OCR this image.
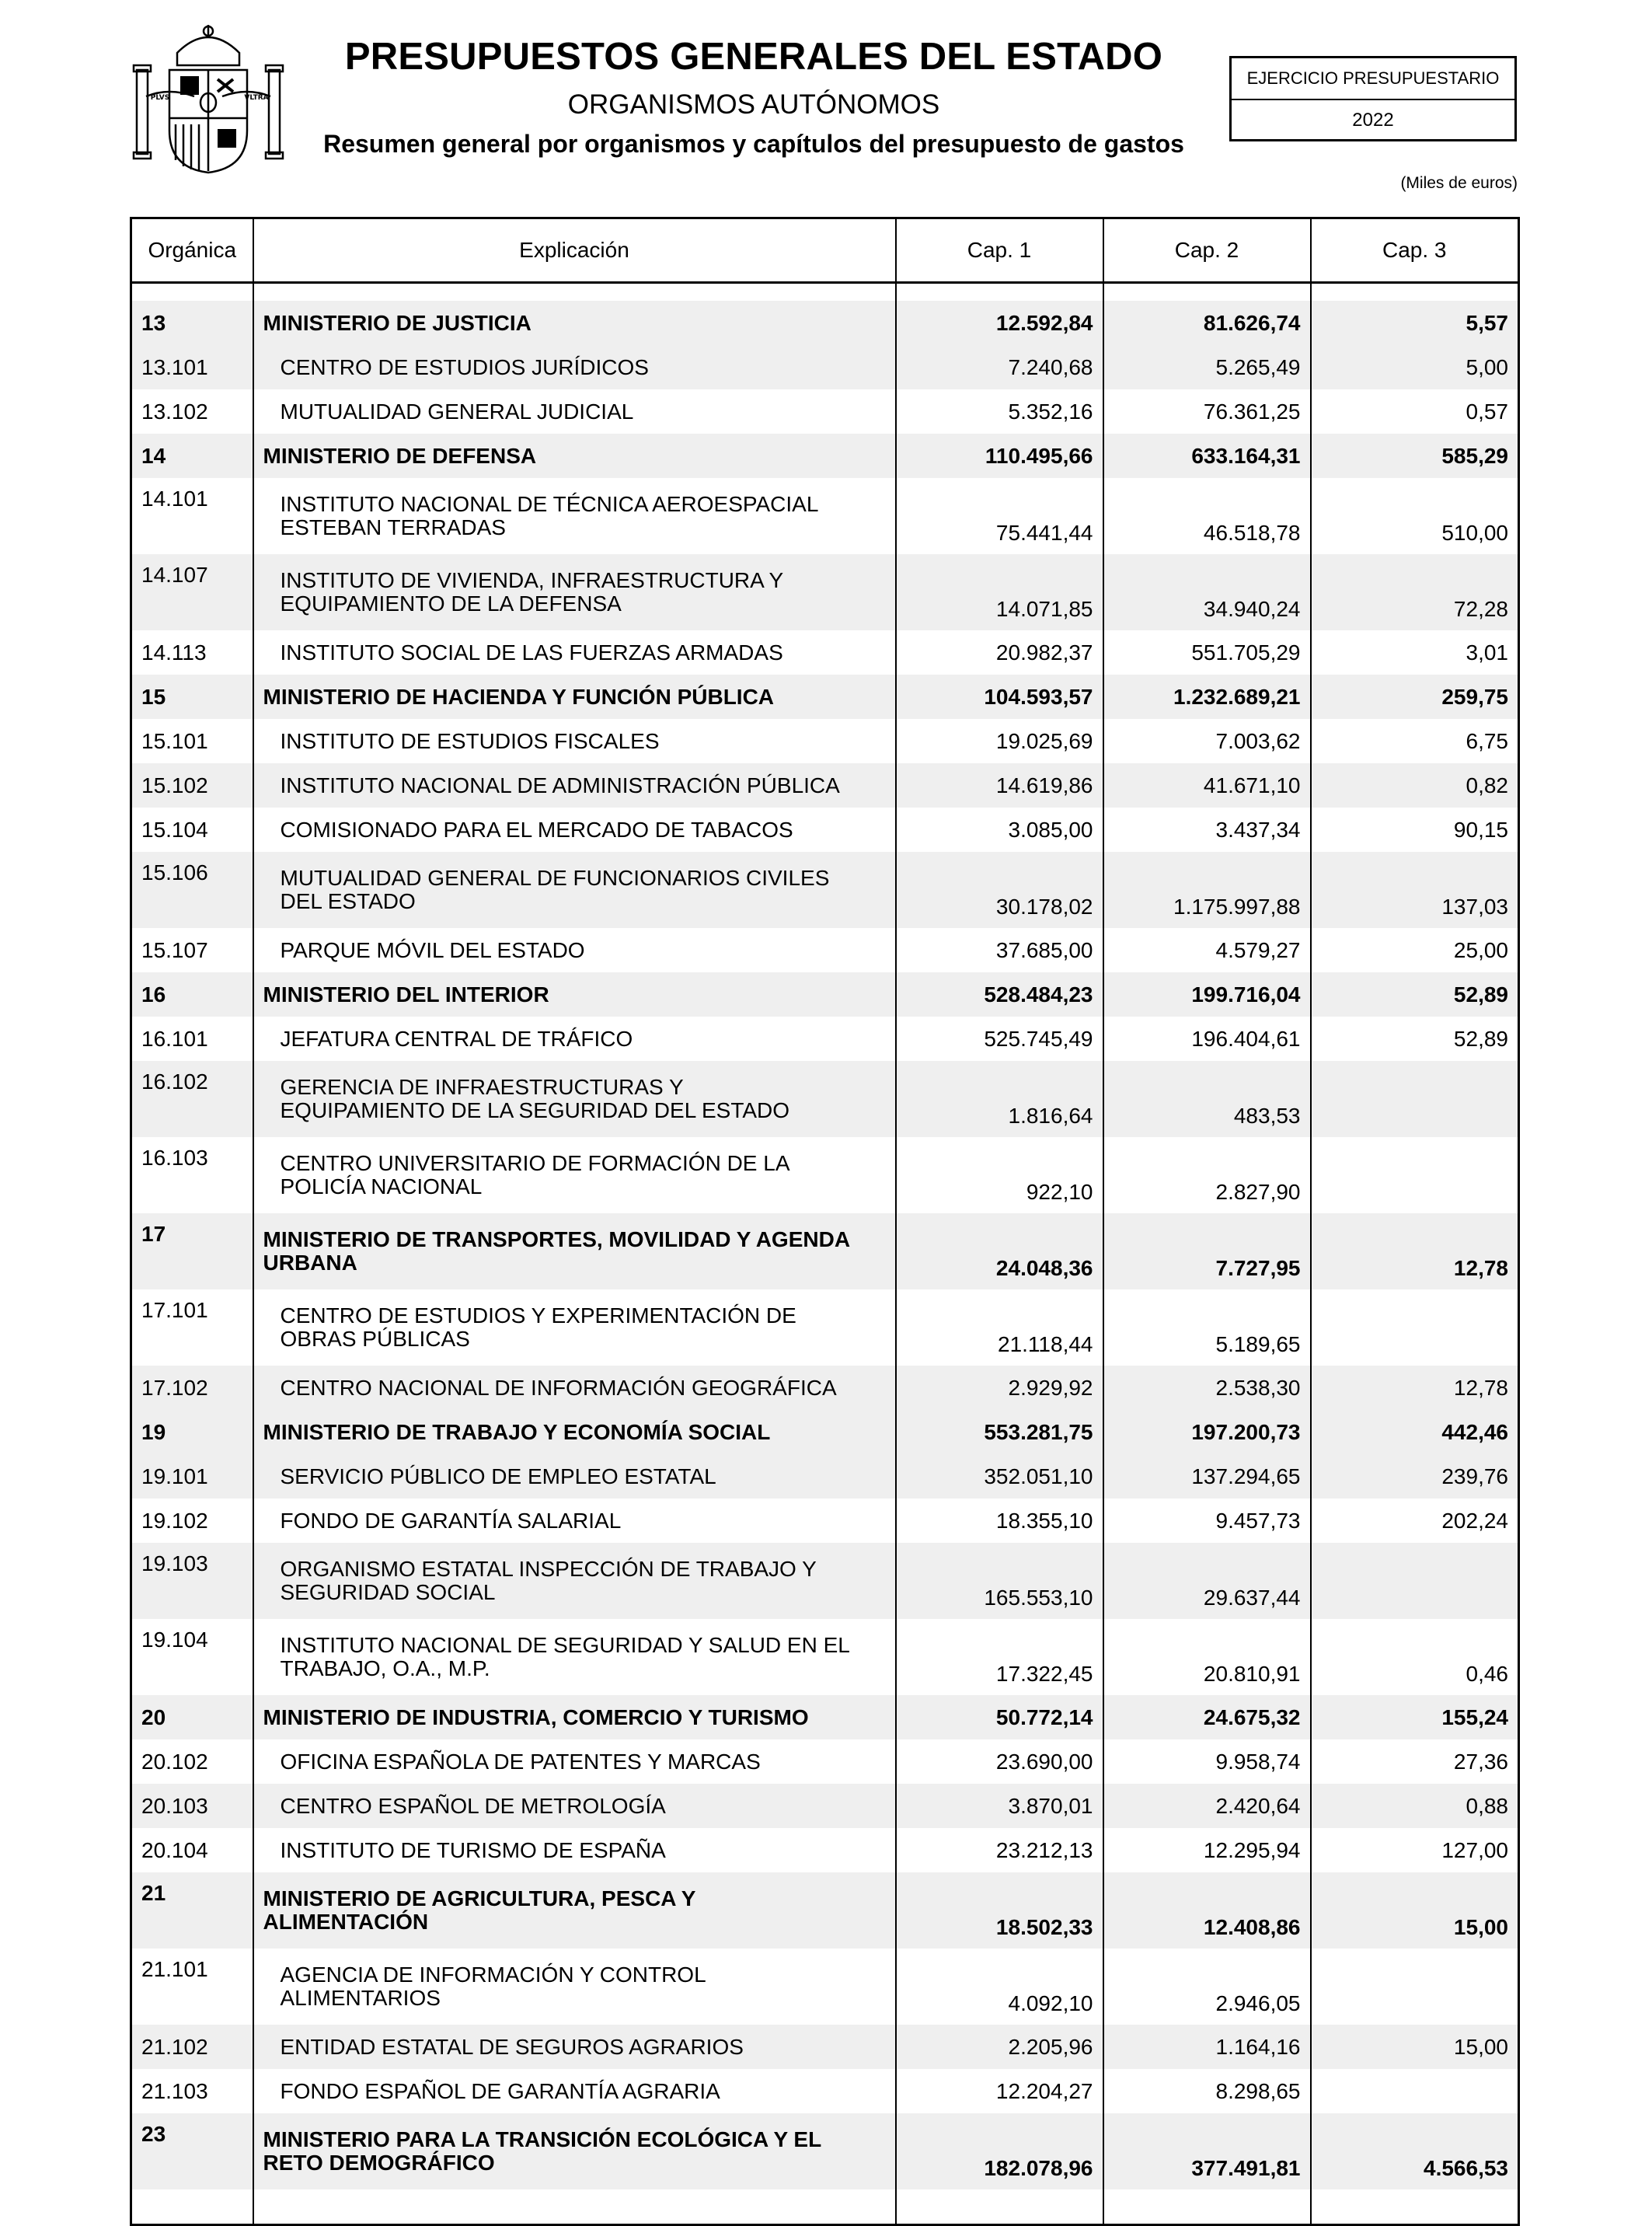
PLVS	VLTRA
PRESUPUESTOS GENERALES DEL ESTADO
ORGANISMOS AUTÓNOMOS
Resumen general por organismos y capítulos del presupuesto de gastos
EJERCICIO PRESUPUESTARIO
2022
(Miles de euros)
Orgánica	Explicación	Cap. 1	Cap. 2	Cap. 3

13	MINISTERIO DE JUSTICIA	12.592,84	81.626,74	5,57
13.101	CENTRO DE ESTUDIOS JURÍDICOS	7.240,68	5.265,49	5,00
13.102	MUTUALIDAD GENERAL JUDICIAL	5.352,16	76.361,25	0,57
14	MINISTERIO DE DEFENSA	110.495,66	633.164,31	585,29
14.101	INSTITUTO NACIONAL DE TÉCNICA AEROESPACIAL
ESTEBAN TERRADAS	75.441,44	46.518,78	510,00
14.107	INSTITUTO DE VIVIENDA, INFRAESTRUCTURA Y
EQUIPAMIENTO DE LA DEFENSA	14.071,85	34.940,24	72,28
14.113	INSTITUTO SOCIAL DE LAS FUERZAS ARMADAS	20.982,37	551.705,29	3,01
15	MINISTERIO DE HACIENDA Y FUNCIÓN PÚBLICA	104.593,57	1.232.689,21	259,75
15.101	INSTITUTO DE ESTUDIOS FISCALES	19.025,69	7.003,62	6,75
15.102	INSTITUTO NACIONAL DE ADMINISTRACIÓN PÚBLICA	14.619,86	41.671,10	0,82
15.104	COMISIONADO PARA EL MERCADO DE TABACOS	3.085,00	3.437,34	90,15
15.106	MUTUALIDAD GENERAL DE FUNCIONARIOS CIVILES
DEL ESTADO	30.178,02	1.175.997,88	137,03
15.107	PARQUE MÓVIL DEL ESTADO	37.685,00	4.579,27	25,00
16	MINISTERIO DEL INTERIOR	528.484,23	199.716,04	52,89
16.101	JEFATURA CENTRAL DE TRÁFICO	525.745,49	196.404,61	52,89
16.102	GERENCIA DE INFRAESTRUCTURAS Y
EQUIPAMIENTO DE LA SEGURIDAD DEL ESTADO	1.816,64	483,53	
16.103	CENTRO UNIVERSITARIO DE FORMACIÓN DE LA
POLICÍA NACIONAL	922,10	2.827,90	
17	MINISTERIO DE TRANSPORTES, MOVILIDAD Y AGENDA
URBANA	24.048,36	7.727,95	12,78
17.101	CENTRO DE ESTUDIOS Y EXPERIMENTACIÓN DE
OBRAS PÚBLICAS	21.118,44	5.189,65	
17.102	CENTRO NACIONAL DE INFORMACIÓN GEOGRÁFICA	2.929,92	2.538,30	12,78
19	MINISTERIO DE TRABAJO Y ECONOMÍA SOCIAL	553.281,75	197.200,73	442,46
19.101	SERVICIO PÚBLICO DE EMPLEO ESTATAL	352.051,10	137.294,65	239,76
19.102	FONDO DE GARANTÍA SALARIAL	18.355,10	9.457,73	202,24
19.103	ORGANISMO ESTATAL INSPECCIÓN DE TRABAJO Y
SEGURIDAD SOCIAL	165.553,10	29.637,44	
19.104	INSTITUTO NACIONAL DE SEGURIDAD Y SALUD EN EL
TRABAJO, O.A., M.P.	17.322,45	20.810,91	0,46
20	MINISTERIO DE INDUSTRIA, COMERCIO Y TURISMO	50.772,14	24.675,32	155,24
20.102	OFICINA ESPAÑOLA DE PATENTES Y MARCAS	23.690,00	9.958,74	27,36
20.103	CENTRO ESPAÑOL DE METROLOGÍA	3.870,01	2.420,64	0,88
20.104	INSTITUTO DE TURISMO DE ESPAÑA	23.212,13	12.295,94	127,00
21	MINISTERIO DE AGRICULTURA, PESCA Y
ALIMENTACIÓN	18.502,33	12.408,86	15,00
21.101	AGENCIA DE INFORMACIÓN Y CONTROL
ALIMENTARIOS	4.092,10	2.946,05	
21.102	ENTIDAD ESTATAL DE SEGUROS AGRARIOS	2.205,96	1.164,16	15,00
21.103	FONDO ESPAÑOL DE GARANTÍA AGRARIA	12.204,27	8.298,65	
23	MINISTERIO PARA LA TRANSICIÓN ECOLÓGICA Y EL
RETO DEMOGRÁFICO	182.078,96	377.491,81	4.566,53
